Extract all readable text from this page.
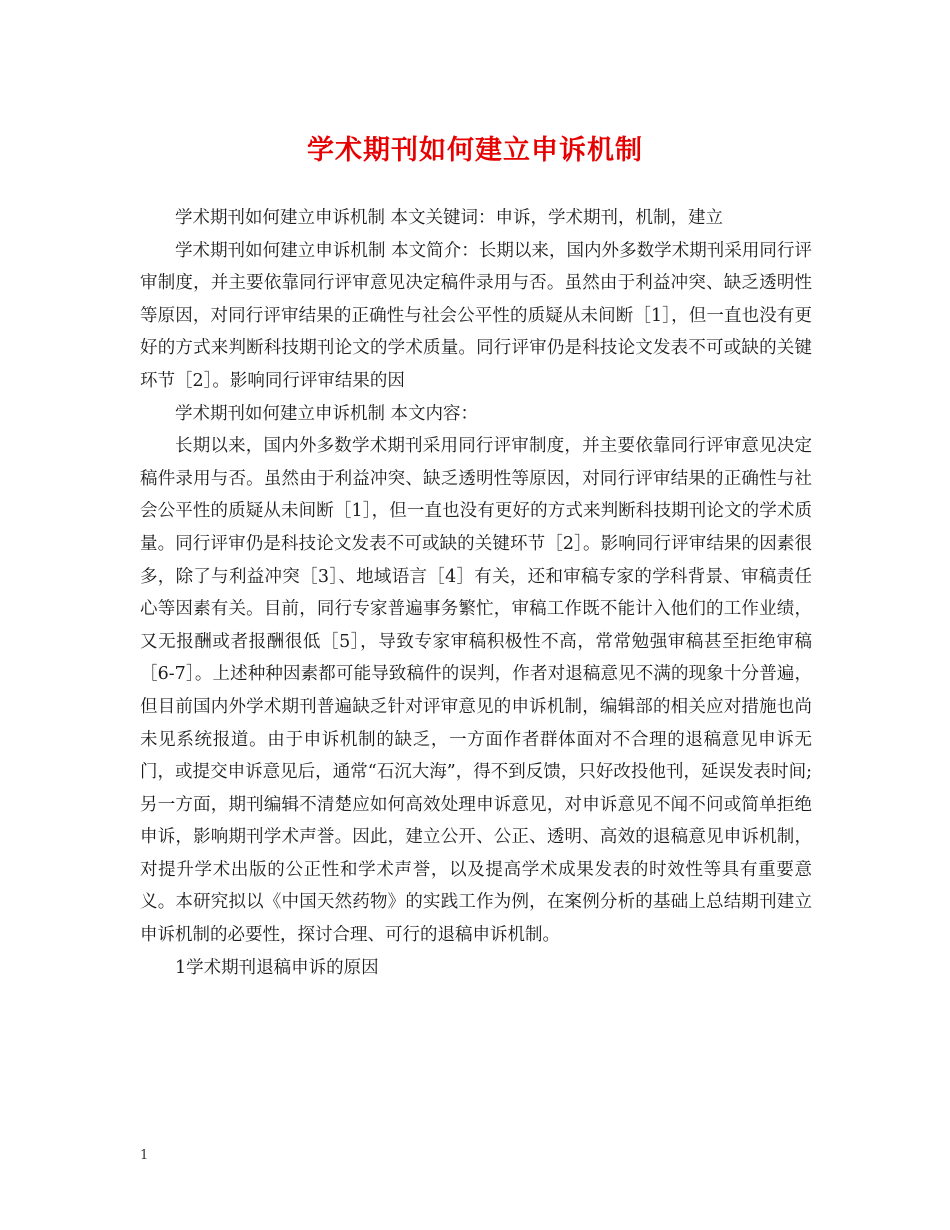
学术期刊如何建立申诉机制

学术期刊如何建立申诉机制 本文关键词：申诉，学术期刊，机制，建立

学术期刊如何建立申诉机制 本文简介：长期以来，国内外多数学术期刊采用同行评审制度，并主要依靠同行评审意见决定稿件录用与否。虽然由于利益冲突、缺乏透明性等原因，对同行评审结果的正确性与社会公平性的质疑从未间断［1］，但一直也没有更好的方式来判断科技期刊论文的学术质量。同行评审仍是科技论文发表不可或缺的关键环节［2］。影响同行评审结果的因

学术期刊如何建立申诉机制 本文内容：

长期以来，国内外多数学术期刊采用同行评审制度，并主要依靠同行评审意见决定稿件录用与否。虽然由于利益冲突、缺乏透明性等原因，对同行评审结果的正确性与社会公平性的质疑从未间断［1］，但一直也没有更好的方式来判断科技期刊论文的学术质量。同行评审仍是科技论文发表不可或缺的关键环节［2］。影响同行评审结果的因素很多，除了与利益冲突［3］、地域语言［4］有关，还和审稿专家的学科背景、审稿责任心等因素有关。目前，同行专家普遍事务繁忙，审稿工作既不能计入他们的工作业绩，又无报酬或者报酬很低［5］，导致专家审稿积极性不高，常常勉强审稿甚至拒绝审稿［6-7］。上述种种因素都可能导致稿件的误判，作者对退稿意见不满的现象十分普遍，但目前国内外学术期刊普遍缺乏针对评审意见的申诉机制，编辑部的相关应对措施也尚未见系统报道。由于申诉机制的缺乏，一方面作者群体面对不合理的退稿意见申诉无门，或提交申诉意见后，通常“石沉大海”，得不到反馈，只好改投他刊，延误发表时间;另一方面，期刊编辑不清楚应如何高效处理申诉意见，对申诉意见不闻不问或简单拒绝申诉，影响期刊学术声誉。因此，建立公开、公正、透明、高效的退稿意见申诉机制，对提升学术出版的公正性和学术声誉，以及提高学术成果发表的时效性等具有重要意义。本研究拟以《中国天然药物》的实践工作为例，在案例分析的基础上总结期刊建立申诉机制的必要性，探讨合理、可行的退稿申诉机制。

1学术期刊退稿申诉的原因

1
